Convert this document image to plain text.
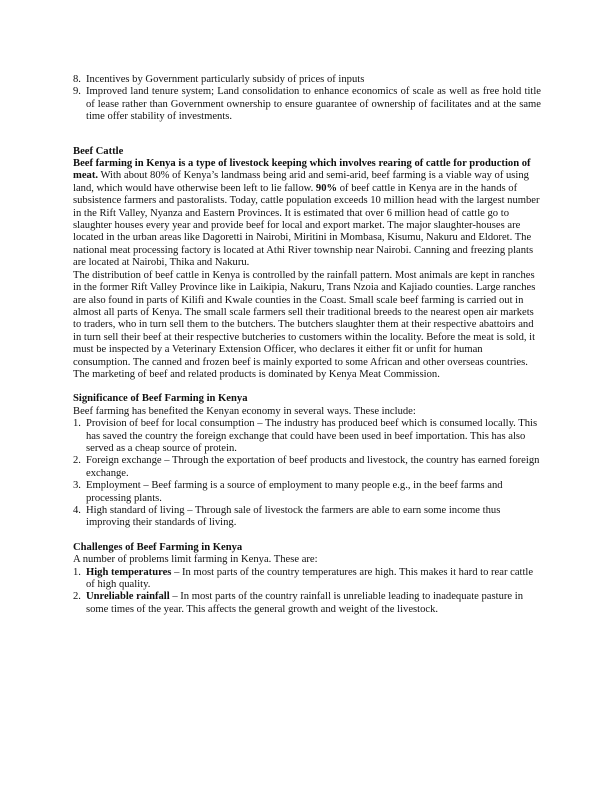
8. Incentives by Government particularly subsidy of prices of inputs
9. Improved land tenure system; Land consolidation to enhance economics of scale as well as free hold title of lease rather than Government ownership to ensure guarantee of ownership of facilitates and at the same time offer stability of investments.
Beef Cattle

Beef farming in Kenya is a type of livestock keeping which involves rearing of cattle for production of meat. With about 80% of Kenya’s landmass being arid and semi-arid, beef farming is a viable way of using land, which would have otherwise been left to lie fallow. 90% of beef cattle in Kenya are in the hands of subsistence farmers and pastoralists. Today, cattle population exceeds 10 million head with the largest number in the Rift Valley, Nyanza and Eastern Provinces. It is estimated that over 6 million head of cattle go to slaughter houses every year and provide beef for local and export market. The major slaughter-houses are located in the urban areas like Dagoretti in Nairobi, Miritini in Mombasa, Kisumu, Nakuru and Eldoret. The national meat processing factory is located at Athi River township near Nairobi. Canning and freezing plants are located at Nairobi, Thika and Nakuru.

The distribution of beef cattle in Kenya is controlled by the rainfall pattern. Most animals are kept in ranches in the former Rift Valley Province like in Laikipia, Nakuru, Trans Nzoia and Kajiado counties. Large ranches are also found in parts of Kilifi and Kwale counties in the Coast. Small scale beef farming is carried out in almost all parts of Kenya. The small scale farmers sell their traditional breeds to the nearest open air markets to traders, who in turn sell them to the butchers. The butchers slaughter them at their respective abattoirs and in turn sell their beef at their respective butcheries to customers within the locality. Before the meat is sold, it must be inspected by a Veterinary Extension Officer, who declares it either fit or unfit for human consumption. The canned and frozen beef is mainly exported to some African and other overseas countries. The marketing of beef and related products is dominated by Kenya Meat Commission.

Significance of Beef Farming in Kenya

Beef farming has benefited the Kenyan economy in several ways. These include:

1. Provision of beef for local consumption – The industry has produced beef which is consumed locally. This has saved the country the foreign exchange that could have been used in beef importation. This has also served as a cheap source of protein.
2. Foreign exchange – Through the exportation of beef products and livestock, the country has earned foreign exchange.
3. Employment – Beef farming is a source of employment to many people e.g., in the beef farms and processing plants.
4. High standard of living – Through sale of livestock the farmers are able to earn some income thus improving their standards of living.
Challenges of Beef Farming in Kenya

A number of problems limit farming in Kenya. These are:

1. High temperatures – In most parts of the country temperatures are high. This makes it hard to rear cattle of high quality.
2. Unreliable rainfall – In most parts of the country rainfall is unreliable leading to inadequate pasture in some times of the year. This affects the general growth and weight of the livestock.
